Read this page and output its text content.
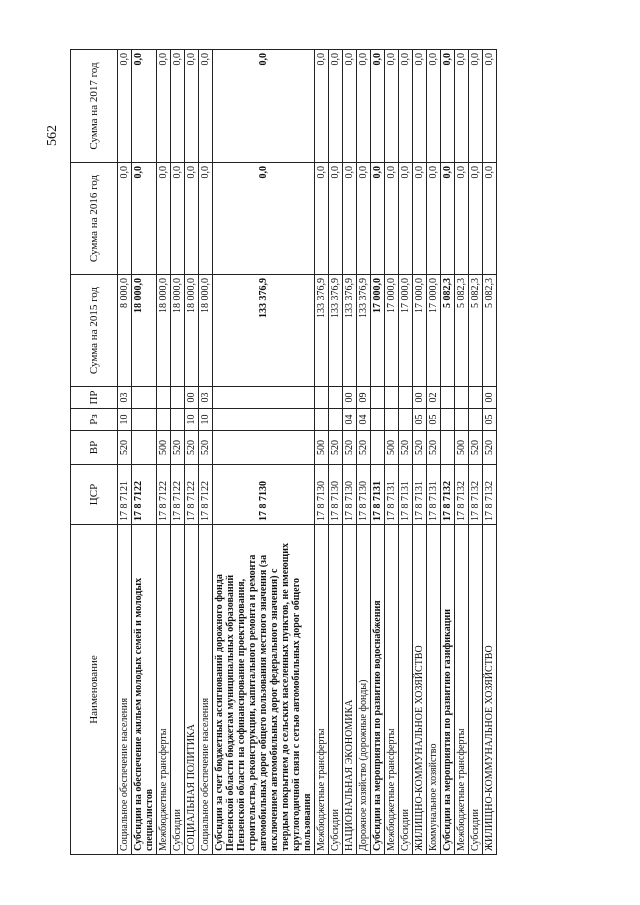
562
Наименование	ЦСР	ВР	Рз	ПР	Сумма на 2015 год	Сумма на 2016 год	Сумма на 2017 год
Социальное обеспечение населения	17 8 7121	520	10	03	8 000,0	0,0	0,0
Субсидии на обеспечение жильем молодых семей и молодых специалистов	17 8 7122				18 000,0	0,0	0,0
Межбюджетные трансферты	17 8 7122	500			18 000,0	0,0	0,0
Субсидии	17 8 7122	520			18 000,0	0,0	0,0
СОЦИАЛЬНАЯ ПОЛИТИКА	17 8 7122	520	10	00	18 000,0	0,0	0,0
Социальное обеспечение населения	17 8 7122	520	10	03	18 000,0	0,0	0,0
Субсидии за счет бюджетных ассигнований дорожного фонда Пензенской области бюджетам муниципальных образований Пензенской области на софинансирование проектирования, строительства, реконструкции, капитального ремонта и ремонта автомобильных дорог общего пользования местного значения (за исключением автомобильных дорог федерального значения) с твердым покрытием до сельских населенных пунктов, не имеющих круглогодичной связи с сетью автомобильных дорог общего пользования	17 8 7130				133 376,9	0,0	0,0
Межбюджетные трансферты	17 8 7130	500			133 376,9	0,0	0,0
Субсидии	17 8 7130	520			133 376,9	0,0	0,0
НАЦИОНАЛЬНАЯ ЭКОНОМИКА	17 8 7130	520	04	00	133 376,9	0,0	0,0
Дорожное хозяйство (дорожные фонды)	17 8 7130	520	04	09	133 376,9	0,0	0,0
Субсидии на мероприятия по развитию водоснабжения	17 8 7131				17 000,0	0,0	0,0
Межбюджетные трансферты	17 8 7131	500			17 000,0	0,0	0,0
Субсидии	17 8 7131	520			17 000,0	0,0	0,0
ЖИЛИЩНО-КОММУНАЛЬНОЕ ХОЗЯЙСТВО	17 8 7131	520	05	00	17 000,0	0,0	0,0
Коммунальное хозяйство	17 8 7131	520	05	02	17 000,0	0,0	0,0
Субсидии на мероприятия по развитию газификации	17 8 7132				5 082,3	0,0	0,0
Межбюджетные трансферты	17 8 7132	500			5 082,3	0,0	0,0
Субсидии	17 8 7132	520			5 082,3	0,0	0,0
ЖИЛИЩНО-КОММУНАЛЬНОЕ ХОЗЯЙСТВО	17 8 7132	520	05	00	5 082,3	0,0	0,0
